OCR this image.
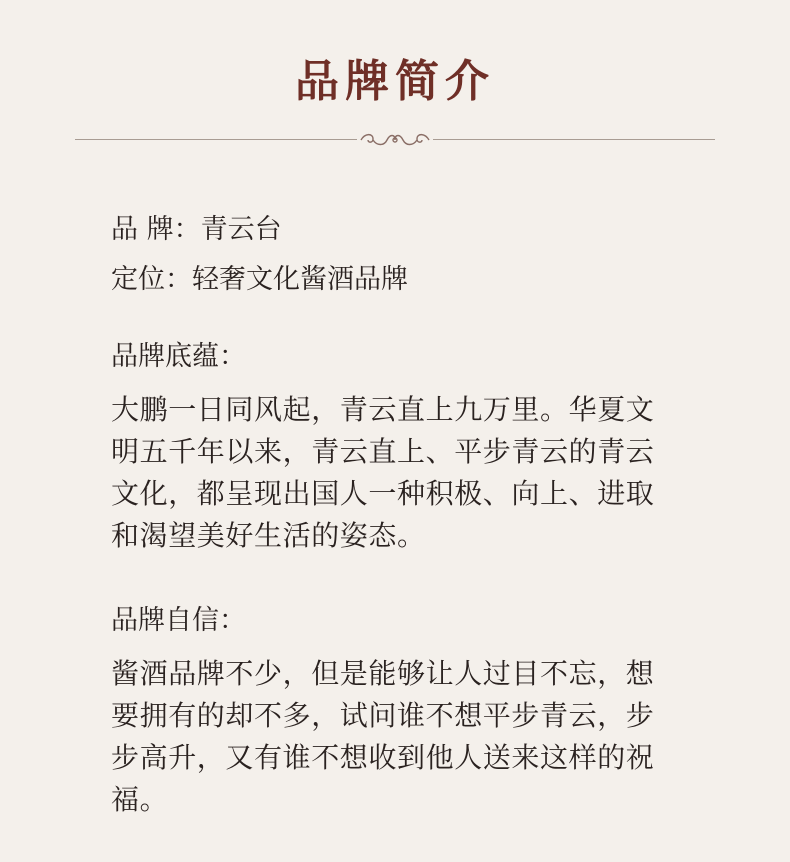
品牌简介

品 牌：青云台

定位：轻奢文化酱酒品牌

品牌底蕴：

大鹏一日同风起，青云直上九万里。华夏文

明五千年以来，青云直上、平步青云的青云

文化，都呈现出国人一种积极、向上、进取

和渴望美好生活的姿态。

品牌自信：

酱酒品牌不少，但是能够让人过目不忘，想

要拥有的却不多，试问谁不想平步青云，步

步高升，又有谁不想收到他人送来这样的祝

福。
